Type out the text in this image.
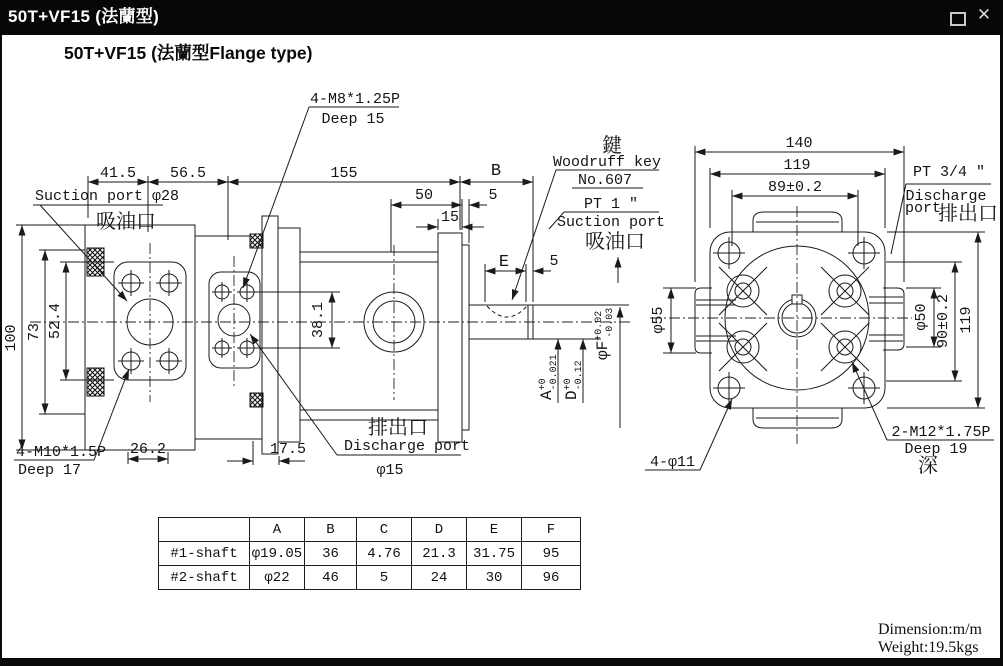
50T+VF15 (法蘭型)	✕
50T+VF15 (法蘭型Flange type)
41.5 56.5	155	B
50	5
15
E	5
100 73 52.4	38.1
26.2	17.5
$A^{+0}-0.021$
$D^{+0}-0.12$
$\varphi F^{+0.02}-0.03$
4-M8*1.25P
Deep 15
Suction port φ28
吸油口
4-M10*1.5P
Deep 17
排出口
Discharge port
φ15
鍵
Woodruff key
No.607
PT 1 "
Suction port
吸油口
140
119
89±0.2
φ55	φ50 90±0.2 119
4-φ11
2-M12*1.75P
Deep 19
深
PT 3/4 "
Discharge
port
排出口
	A	B	C	D	E	F
#1-shaft	φ19.05	36	4.76	21.3	31.75	95
#2-shaft	φ22	46	5	24	30	96
Dimension:m/m
Weight:19.5kgs
